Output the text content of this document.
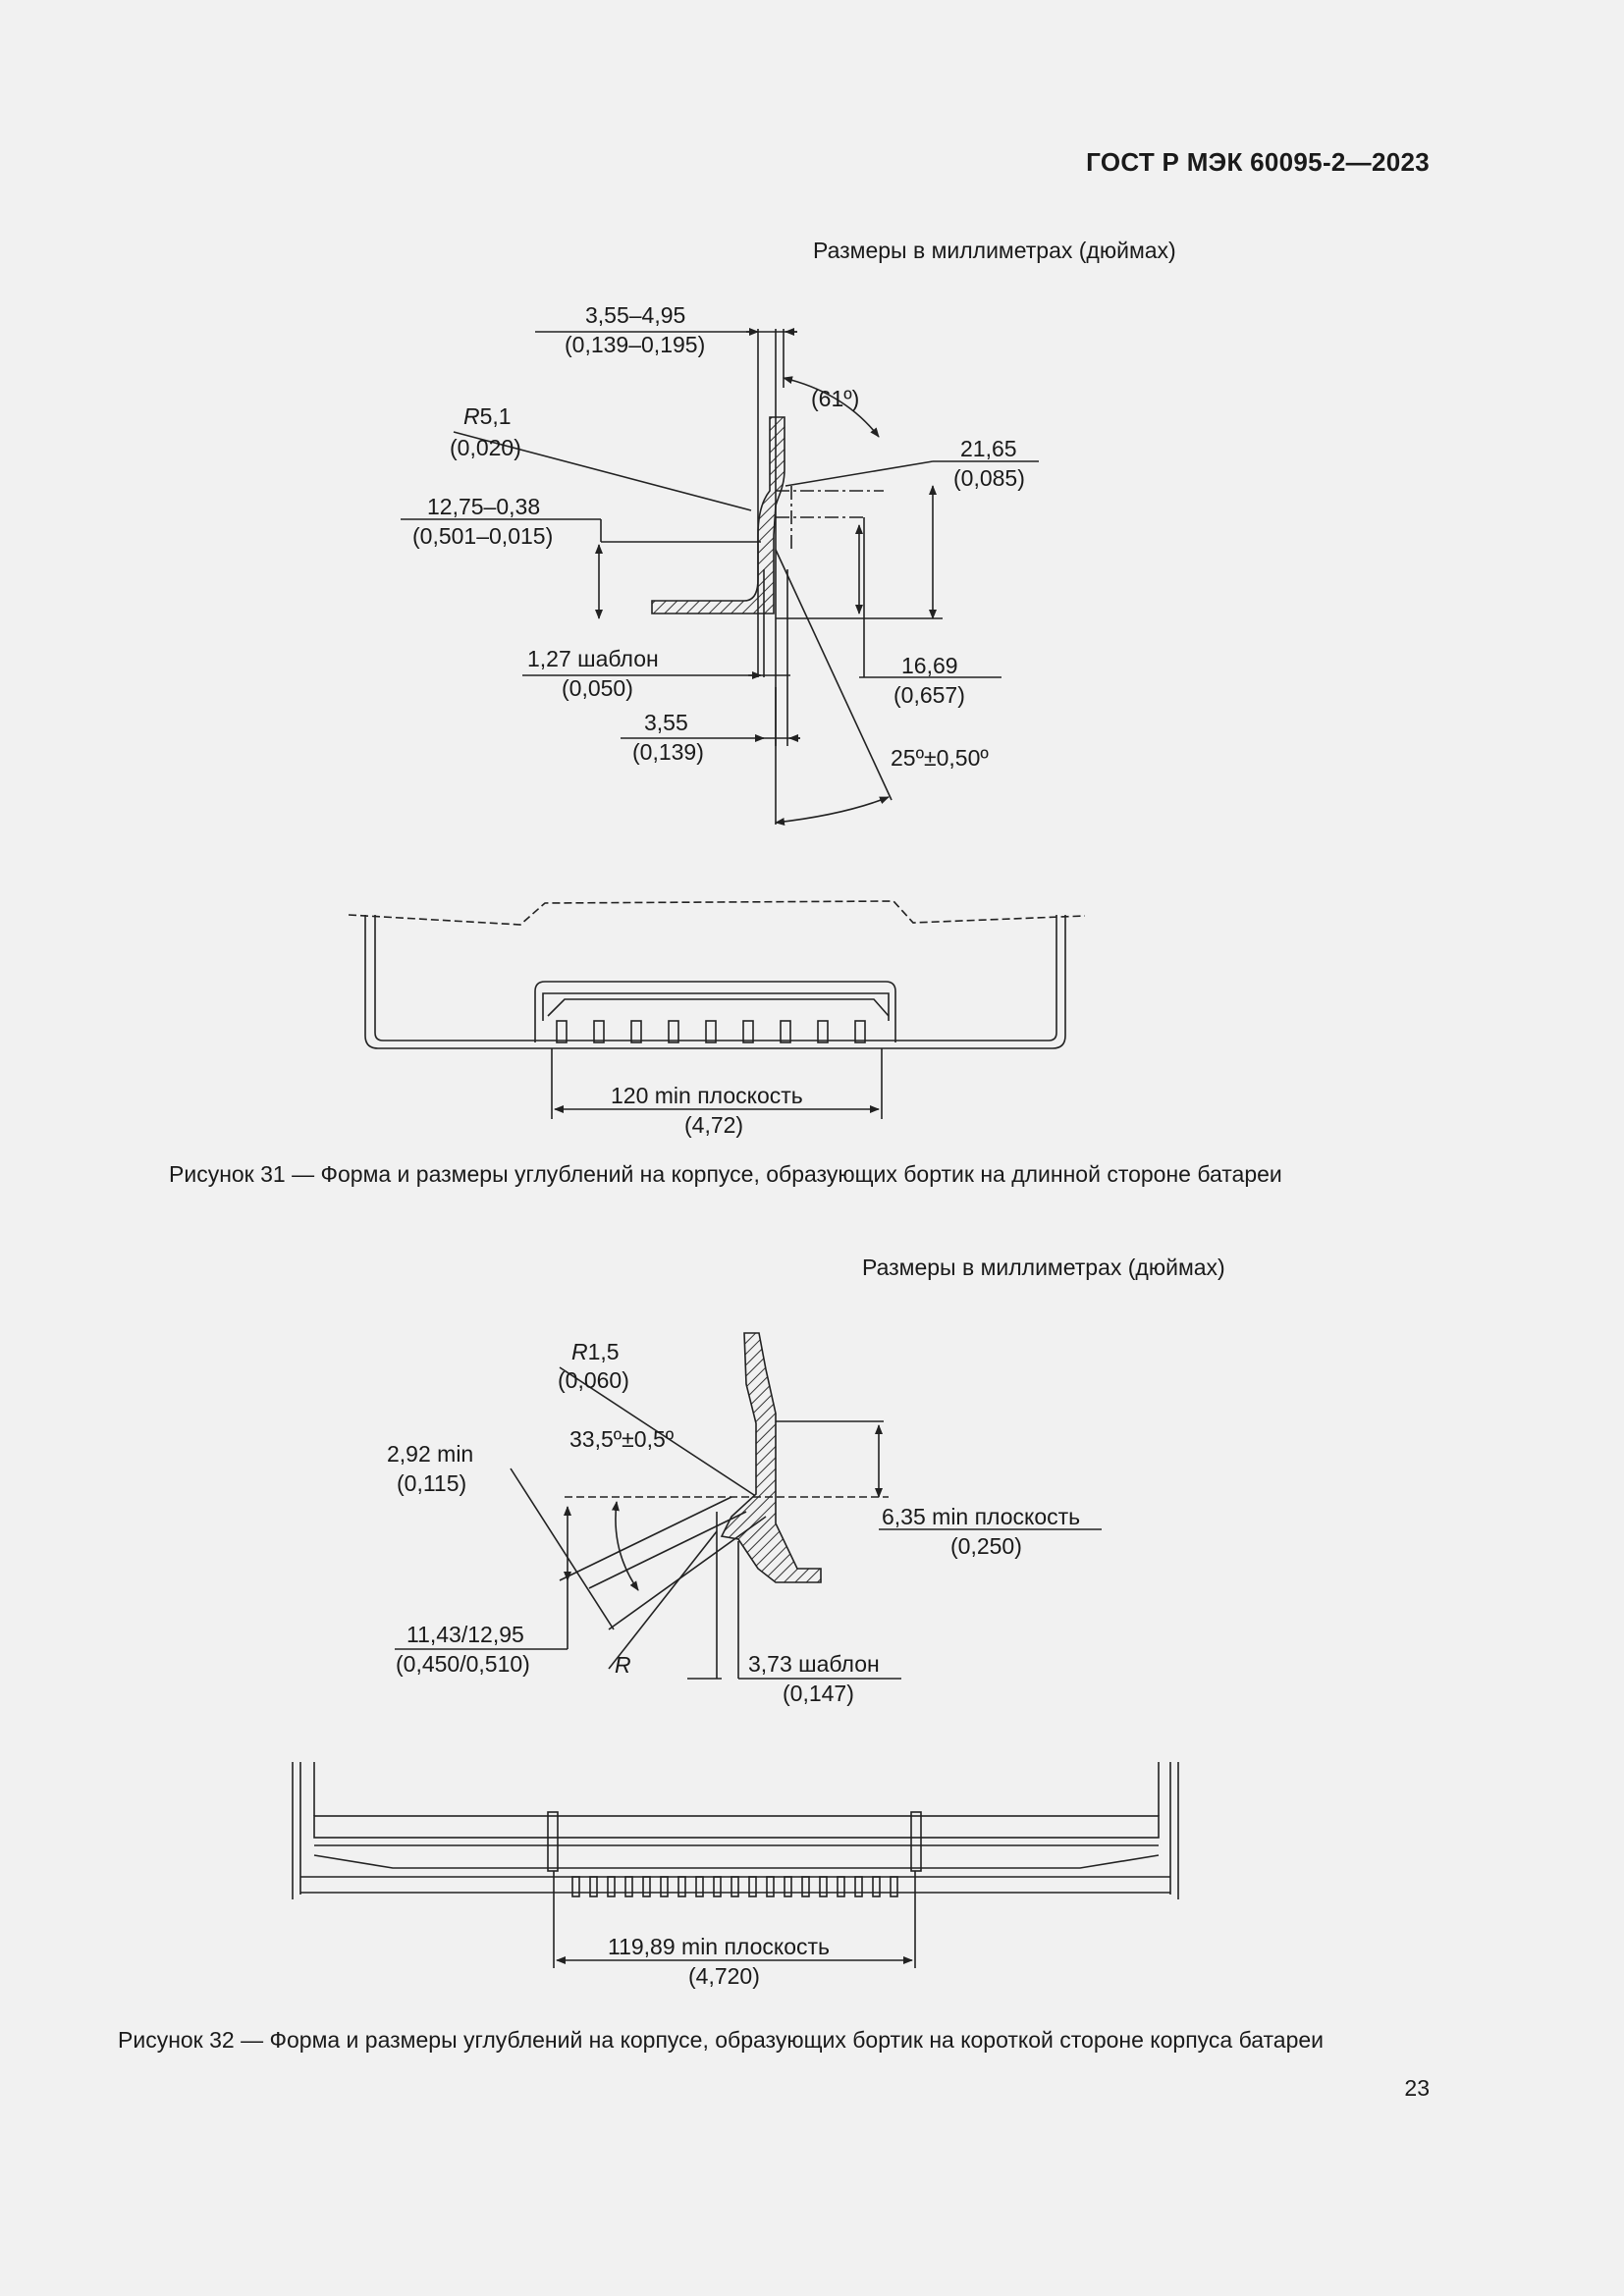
ГОСТ Р МЭК 60095-2—2023
Размеры в миллиметрах (дюймах)
3,55–4,95
(0,139–0,195)
(61º)
R5,1
(0,020)	21,65
(0,085)
12,75–0,38
(0,501–0,015)
1,27 шаблон
(0,050)
16,69
(0,657)
3,55
(0,139)	25º±0,50º
120 min плоскость
(4,72)
Рисунок 31 — Форма и размеры углублений на корпусе, образующих бортик на длинной стороне батареи
Размеры в миллиметрах (дюймах)
R1,5
(0,060)
33,5º±0,5º
2,92 min
(0,115)
6,35 min плоскость
(0,250)
11,43/12,95
(0,450/0,510)	R	3,73 шаблон
(0,147)
119,89 min плоскость
(4,720)
Рисунок 32 — Форма и размеры углублений на корпусе, образующих бортик на короткой стороне корпуса батареи
23
